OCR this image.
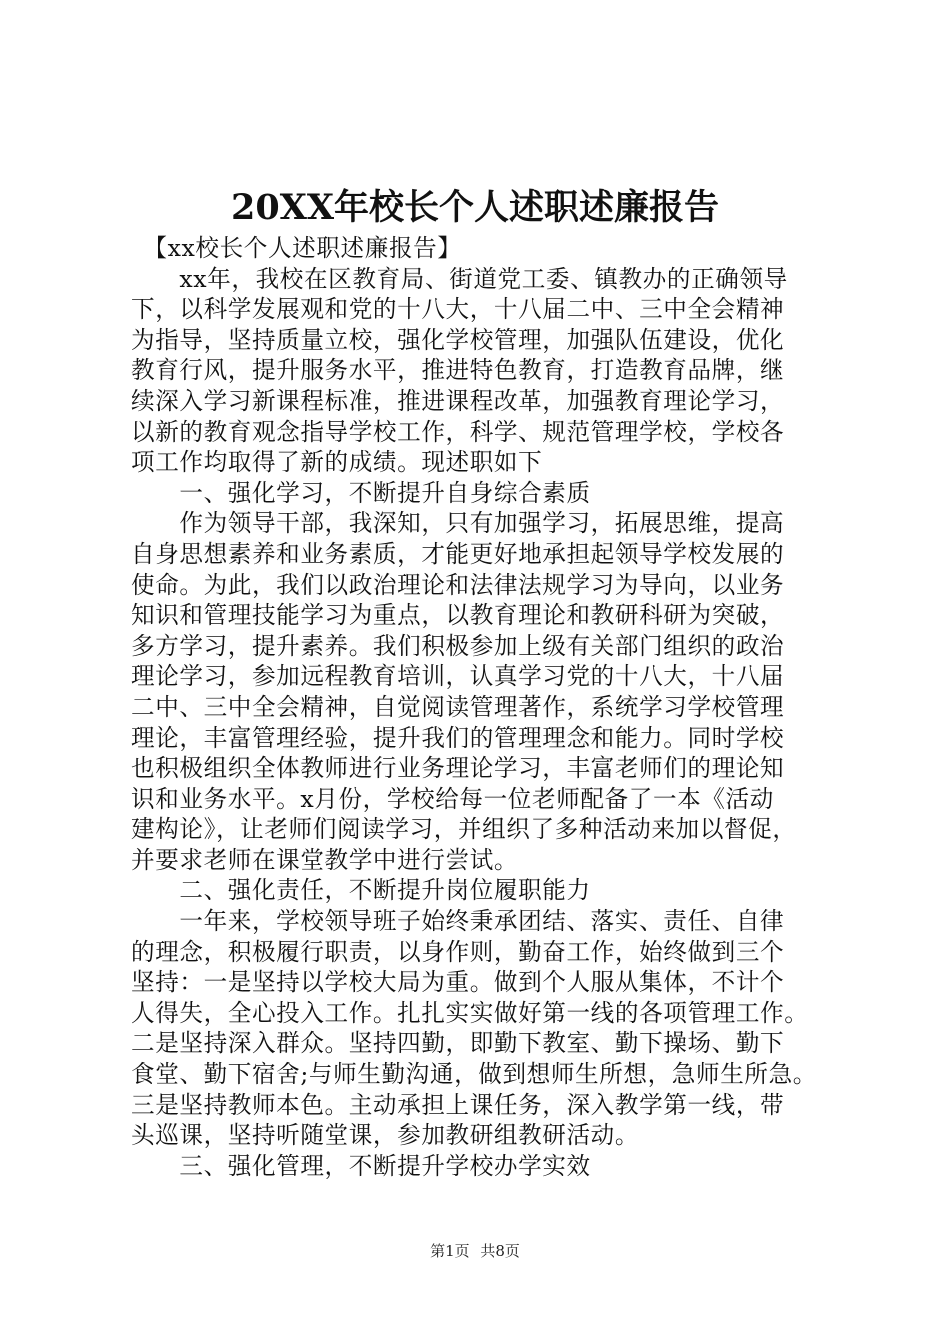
20XX年校长个人述职述廉报告

　【xx校长个人述职述廉报告】

　　xx年，我校在区教育局、街道党工委、镇教办的正确领导

下，以科学发展观和党的十八大，十八届二中、三中全会精神

为指导，坚持质量立校，强化学校管理，加强队伍建设，优化

教育行风，提升服务水平，推进特色教育，打造教育品牌，继

续深入学习新课程标准，推进课程改革，加强教育理论学习，

以新的教育观念指导学校工作，科学、规范管理学校，学校各

项工作均取得了新的成绩。现述职如下

　　一、强化学习，不断提升自身综合素质

　　作为领导干部，我深知，只有加强学习，拓展思维，提高

自身思想素养和业务素质，才能更好地承担起领导学校发展的

使命。为此，我们以政治理论和法律法规学习为导向，以业务

知识和管理技能学习为重点，以教育理论和教研科研为突破，

多方学习，提升素养。我们积极参加上级有关部门组织的政治

理论学习，参加远程教育培训，认真学习党的十八大，十八届

二中、三中全会精神，自觉阅读管理著作，系统学习学校管理

理论，丰富管理经验，提升我们的管理理念和能力。同时学校

也积极组织全体教师进行业务理论学习，丰富老师们的理论知

识和业务水平。x月份，学校给每一位老师配备了一本《活动

建构论》，让老师们阅读学习，并组织了多种活动来加以督促，

并要求老师在课堂教学中进行尝试。

　　二、强化责任，不断提升岗位履职能力

　　一年来，学校领导班子始终秉承团结、落实、责任、自律

的理念，积极履行职责，以身作则，勤奋工作，始终做到三个

坚持：一是坚持以学校大局为重。做到个人服从集体，不计个

人得失，全心投入工作。扎扎实实做好第一线的各项管理工作。

二是坚持深入群众。坚持四勤，即勤下教室、勤下操场、勤下

食堂、勤下宿舍;与师生勤沟通，做到想师生所想，急师生所急。

三是坚持教师本色。主动承担上课任务，深入教学第一线，带

头巡课，坚持听随堂课，参加教研组教研活动。

　　三、强化管理，不断提升学校办学实效

第1页 共8页
